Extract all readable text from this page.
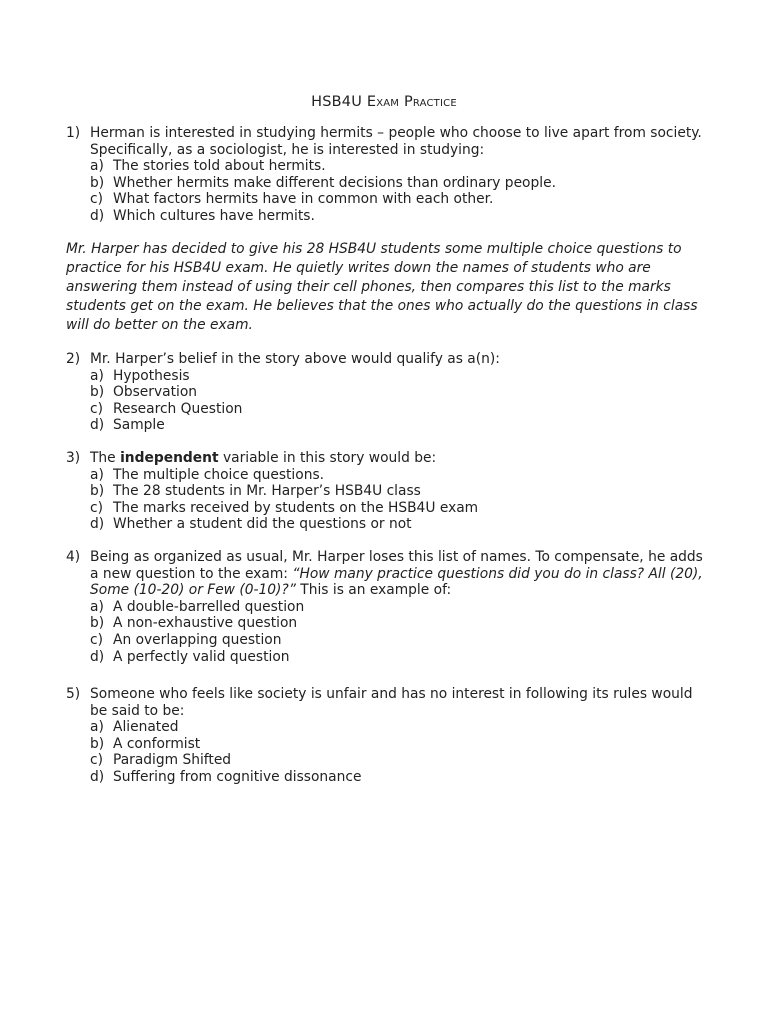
HSB4U Exam Practice
1) Herman is interested in studying hermits – people who choose to live apart from society. Specifically, as a sociologist, he is interested in studying:
a) The stories told about hermits.
b) Whether hermits make different decisions than ordinary people.
c) What factors hermits have in common with each other.
d) Which cultures have hermits.
Mr. Harper has decided to give his 28 HSB4U students some multiple choice questions to practice for his HSB4U exam. He quietly writes down the names of students who are answering them instead of using their cell phones, then compares this list to the marks students get on the exam. He believes that the ones who actually do the questions in class will do better on the exam.
2) Mr. Harper’s belief in the story above would qualify as a(n):
a) Hypothesis
b) Observation
c) Research Question
d) Sample
3) The independent variable in this story would be:
a) The multiple choice questions.
b) The 28 students in Mr. Harper’s HSB4U class
c) The marks received by students on the HSB4U exam
d) Whether a student did the questions or not
4) Being as organized as usual, Mr. Harper loses this list of names. To compensate, he adds a new question to the exam: “How many practice questions did you do in class? All (20), Some (10-20) or Few (0-10)?” This is an example of:
a) A double-barrelled question
b) A non-exhaustive question
c) An overlapping question
d) A perfectly valid question
5) Someone who feels like society is unfair and has no interest in following its rules would be said to be:
a) Alienated
b) A conformist
c) Paradigm Shifted
d) Suffering from cognitive dissonance
